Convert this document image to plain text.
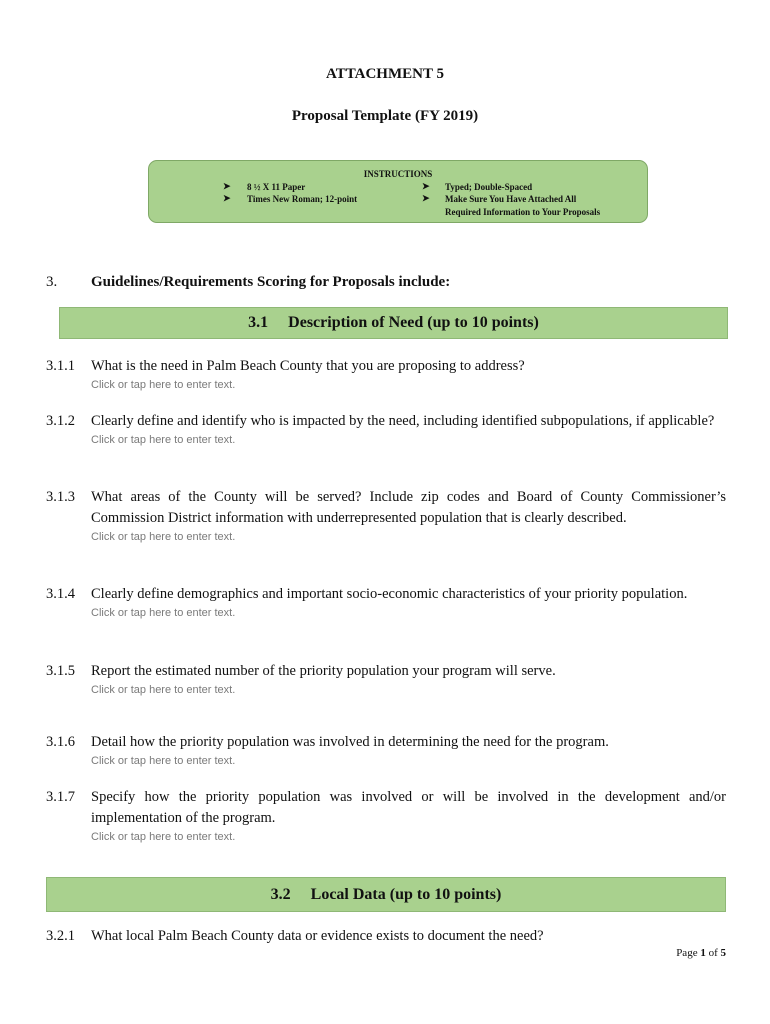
ATTACHMENT 5
Proposal Template (FY 2019)
INSTRUCTIONS
➤ 8 ½ X 11 Paper
➤ Times New Roman; 12-point
➤ Typed; Double-Spaced
➤ Make Sure You Have Attached All
Required Information to Your Proposals
3. Guidelines/Requirements Scoring for Proposals include:
3.1 Description of Need (up to 10 points)
3.1.1	What is the need in Palm Beach County that you are proposing to address?
Click or tap here to enter text.
3.1.2	Clearly define and identify who is impacted by the need, including identified subpopulations, if applicable?
Click or tap here to enter text.
3.1.3	What areas of the County will be served? Include zip codes and Board of County Commissioner’s Commission District information with underrepresented population that is clearly described.
Click or tap here to enter text.
3.1.4	Clearly define demographics and important socio-economic characteristics of your priority population.
Click or tap here to enter text.
3.1.5	Report the estimated number of the priority population your program will serve.
Click or tap here to enter text.
3.1.6	Detail how the priority population was involved in determining the need for the program.
Click or tap here to enter text.
3.1.7	Specify how the priority population was involved or will be involved in the development and/or implementation of the program.
Click or tap here to enter text.
3.2 Local Data (up to 10 points)
3.2.1	What local Palm Beach County data or evidence exists to document the need?
Page 1 of 5
